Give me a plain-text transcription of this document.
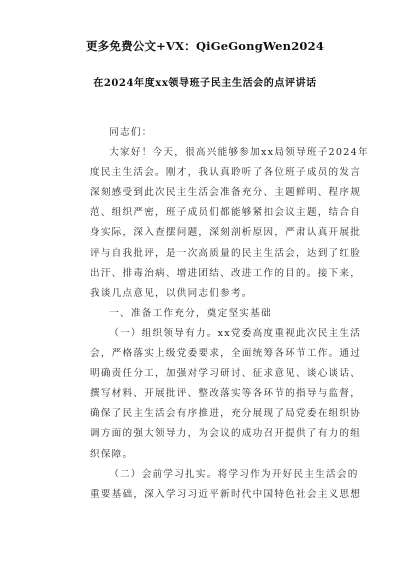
更多免费公文+VX：QiGeGongWen2024
在2024年度xx领导班子民主生活会的点评讲话
同志们：
大家好！今天，很高兴能够参加xx局领导班子2024年
度民主生活会。刚才，我认真聆听了各位班子成员的发言
深刻感受到此次民主生活会准备充分、主题鲜明、程序规
范、组织严密，班子成员们都能够紧扣会议主题，结合自
身实际，深入查摆问题，深刻剖析原因，严肃认真开展批
评与自我批评，是一次高质量的民主生活会，达到了红脸
出汗、排毒治病、增进团结、改进工作的目的。接下来，
我谈几点意见，以供同志们参考。
一、准备工作充分，奠定坚实基础
（一）组织领导有力。xx党委高度重视此次民主生活
会，严格落实上级党委要求，全面统筹各环节工作。通过
明确责任分工，加强对学习研讨、征求意见、谈心谈话、
撰写材料、开展批评、整改落实等各环节的指导与监督，
确保了民主生活会有序推进，充分展现了局党委在组织协
调方面的强大领导力，为会议的成功召开提供了有力的组
织保障。
（二）会前学习扎实。将学习作为开好民主生活会的
重要基础，深入学习习近平新时代中国特色社会主义思想
